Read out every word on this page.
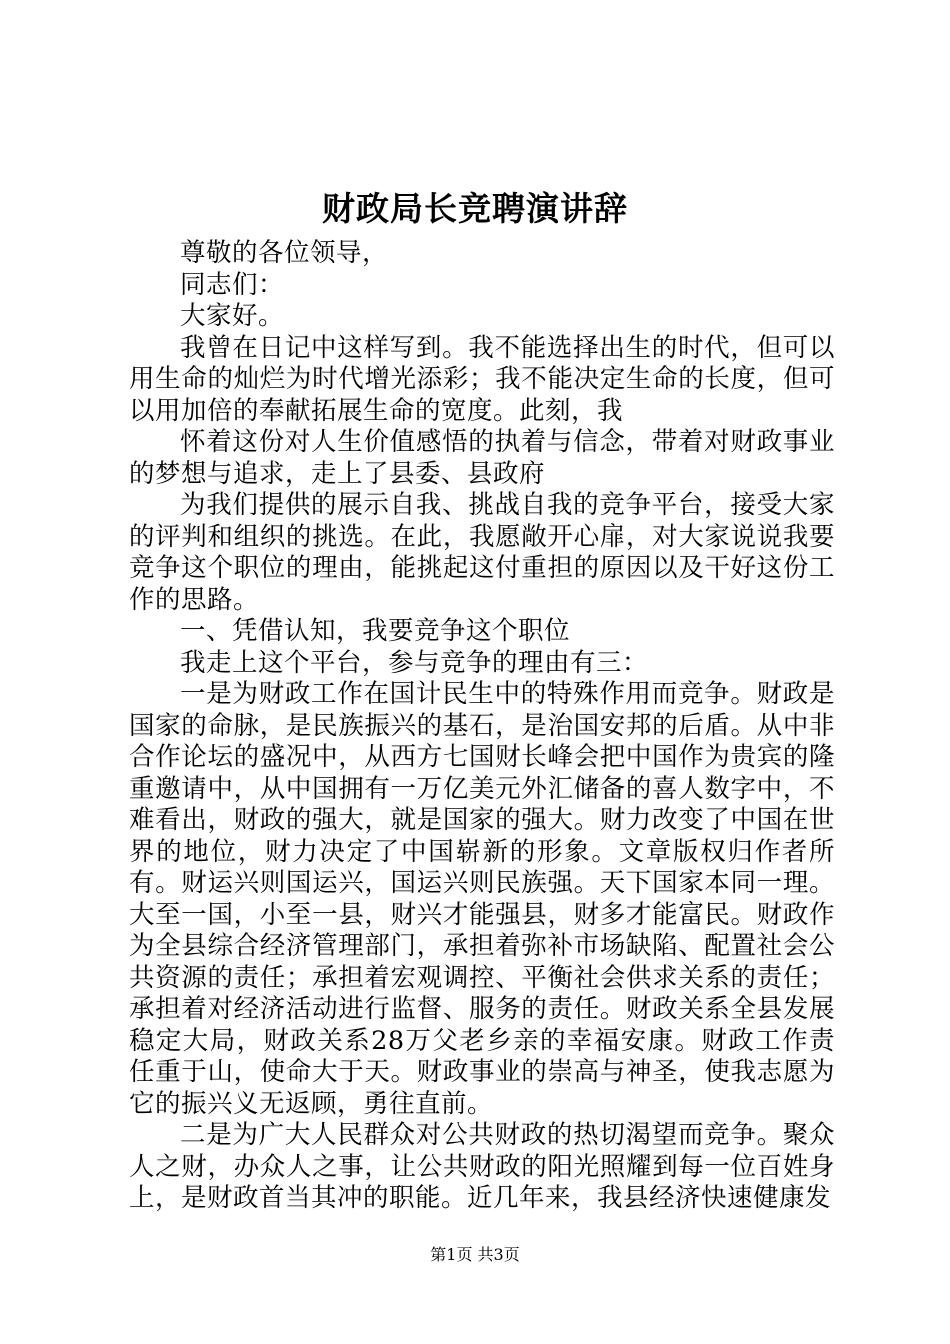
财政局长竞聘演讲辞

尊敬的各位领导，

同志们：

大家好。

我曾在日记中这样写到。我不能选择出生的时代，但可以用生命的灿烂为时代增光添彩；我不能决定生命的长度，但可以用加倍的奉献拓展生命的宽度。此刻，我

怀着这份对人生价值感悟的执着与信念，带着对财政事业的梦想与追求，走上了县委、县政府

为我们提供的展示自我、挑战自我的竞争平台，接受大家的评判和组织的挑选。在此，我愿敞开心扉，对大家说说我要竞争这个职位的理由，能挑起这付重担的原因以及干好这份工作的思路。

一、凭借认知，我要竞争这个职位

我走上这个平台，参与竞争的理由有三：

一是为财政工作在国计民生中的特殊作用而竞争。财政是国家的命脉，是民族振兴的基石，是治国安邦的后盾。从中非合作论坛的盛况中，从西方七国财长峰会把中国作为贵宾的隆重邀请中，从中国拥有一万亿美元外汇储备的喜人数字中，不难看出，财政的强大，就是国家的强大。财力改变了中国在世界的地位，财力决定了中国崭新的形象。文章版权归作者所有。财运兴则国运兴，国运兴则民族强。天下国家本同一理。大至一国，小至一县，财兴才能强县，财多才能富民。财政作为全县综合经济管理部门，承担着弥补市场缺陷、配置社会公共资源的责任；承担着宏观调控、平衡社会供求关系的责任；承担着对经济活动进行监督、服务的责任。财政关系全县发展稳定大局，财政关系28万父老乡亲的幸福安康。财政工作责任重于山，使命大于天。财政事业的崇高与神圣，使我志愿为它的振兴义无返顾，勇往直前。

二是为广大人民群众对公共财政的热切渴望而竞争。聚众人之财，办众人之事，让公共财政的阳光照耀到每一位百姓身上，是财政首当其冲的职能。近几年来，我县经济快速健康发

第1页 共3页
